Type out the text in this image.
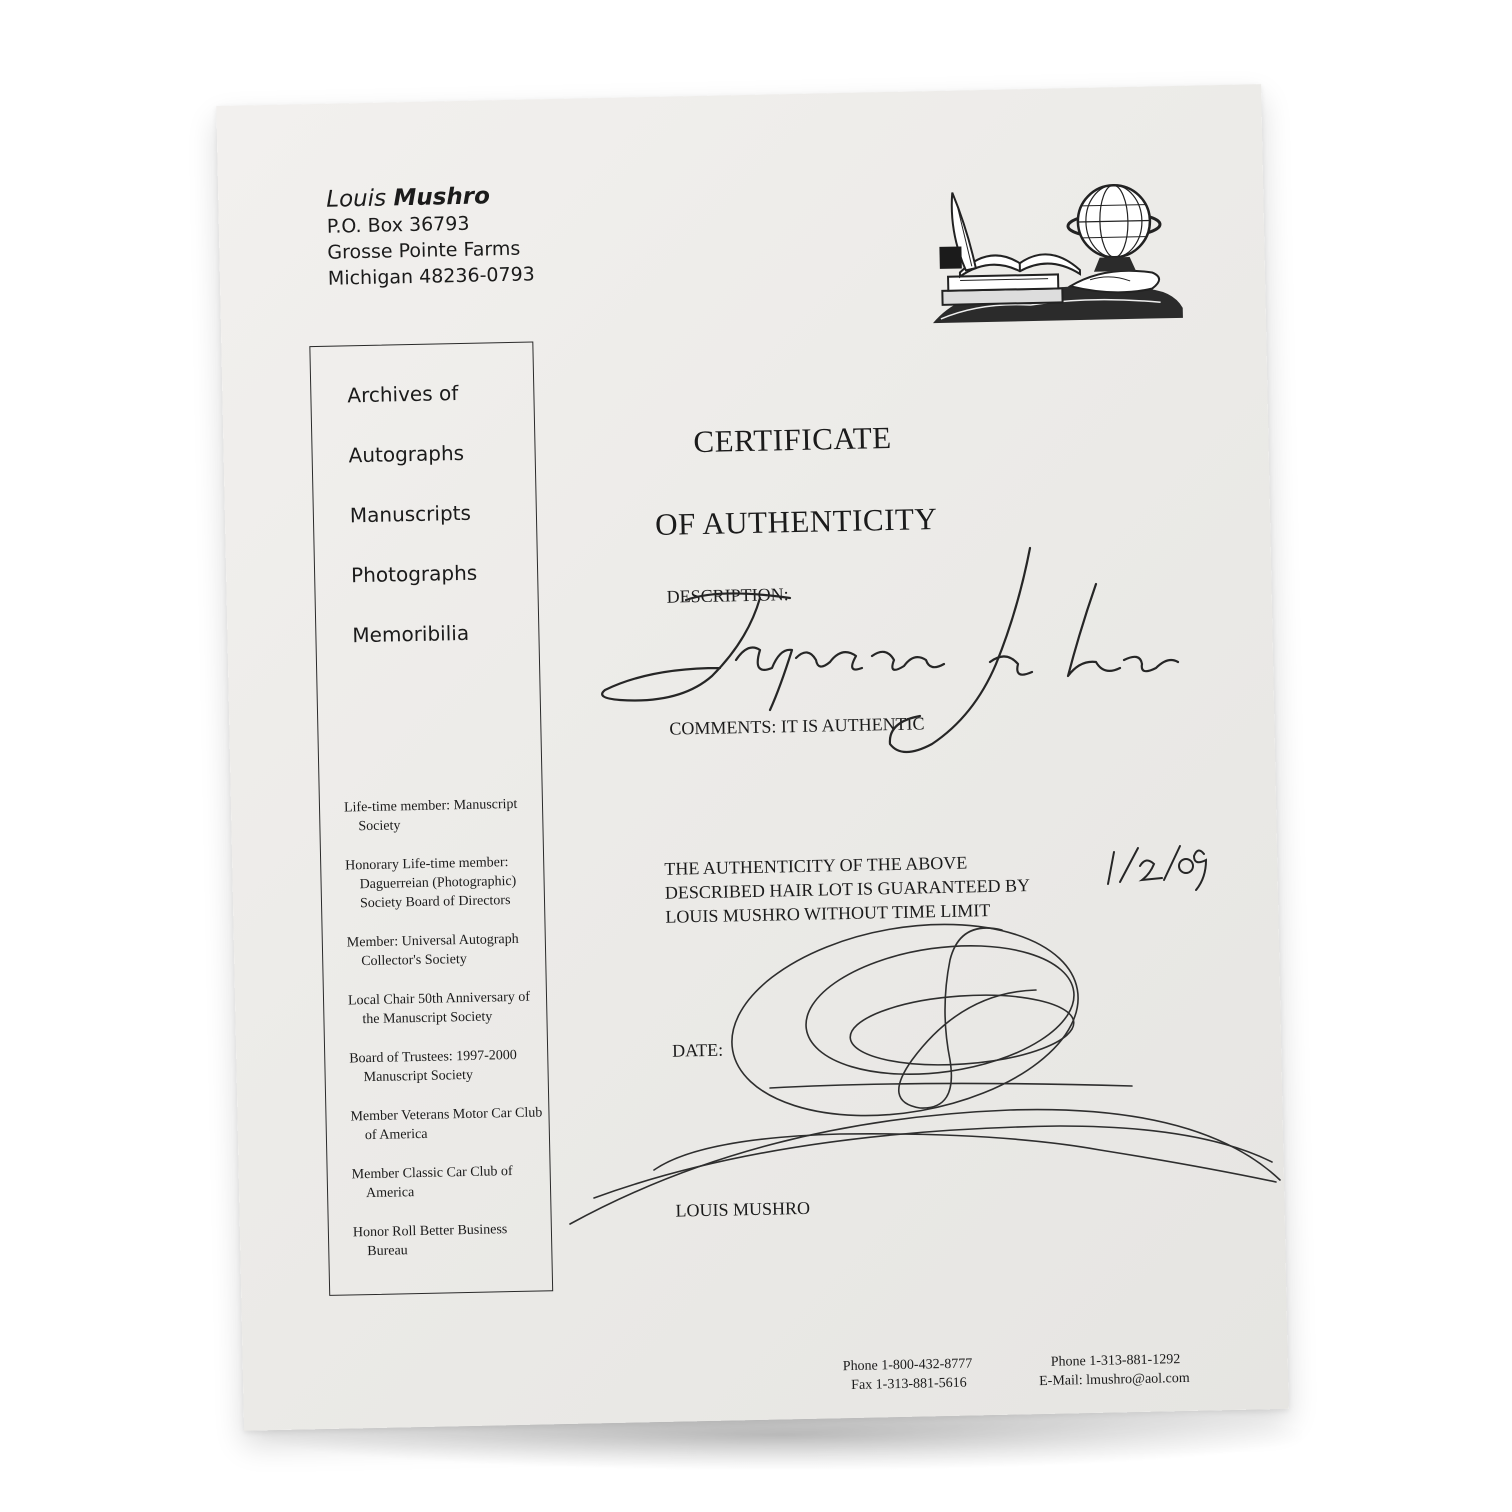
Louis Mushro
P.O. Box 36793
Grosse Pointe Farms
Michigan 48236-0793
Archives of
Autographs
Manuscripts
Photographs
Memoribilia
Life-time member: Manuscript Society
Honorary Life-time member: Daguerreian (Photographic) Society Board of Directors
Member: Universal Autograph Collector's Society
Local Chair 50th Anniversary of the Manuscript Society
Board of Trustees: 1997-2000 Manuscript Society
Member Veterans Motor Car Club of America
Member Classic Car Club of America
Honor Roll Better Business Bureau
CERTIFICATE
OF AUTHENTICITY
DESCRIPTION:
COMMENTS: IT IS AUTHENTIC
THE AUTHENTICITY OF THE ABOVE DESCRIBED HAIR LOT IS GUARANTEED BY LOUIS MUSHRO WITHOUT TIME LIMIT
DATE:
LOUIS MUSHRO
Phone 1-800-432-8777
Fax 1-313-881-5616
Phone 1-313-881-1292
E-Mail: lmushro@aol.com
